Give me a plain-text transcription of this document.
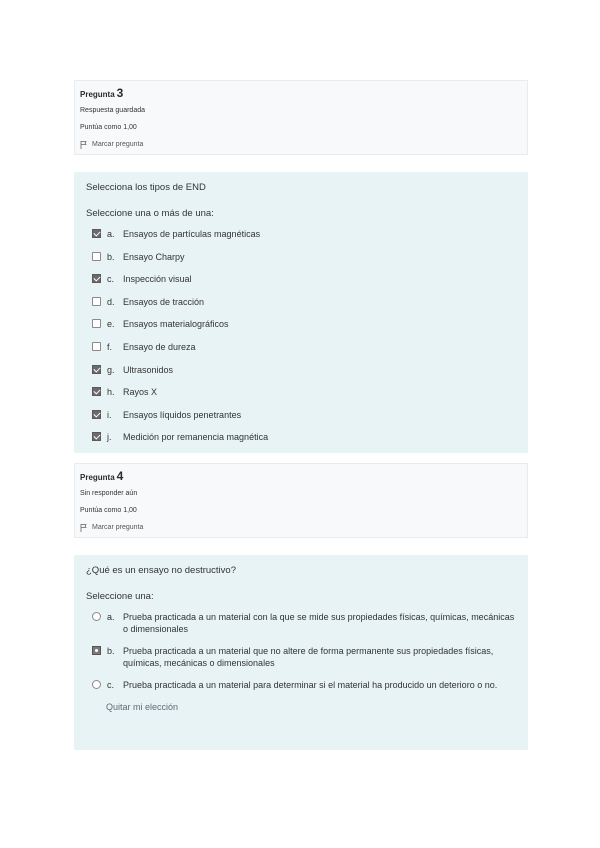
Pregunta 3
Respuesta guardada
Puntúa como 1,00
Marcar pregunta
Selecciona los tipos de END
Seleccione una o más de una:
a. Ensayos de partículas magnéticas
b. Ensayo Charpy
c. Inspección visual
d. Ensayos de tracción
e. Ensayos materialográficos
f.	Ensayo de dureza
g. Ultrasonidos
h. Rayos X
i.	Ensayos líquidos penetrantes
j.	Medición por remanencia magnética
Pregunta 4
Sin responder aún
Puntúa como 1,00
Marcar pregunta
¿Qué es un ensayo no destructivo?
Seleccione una:
a. Prueba practicada a un material con la que se mide sus propiedades físicas, químicas, mecánicas o dimensionales
b. Prueba practicada a un material que no altere de forma permanente sus propiedades físicas, químicas, mecánicas o dimensionales
c. Prueba practicada a un material para determinar si el material ha producido un deterioro o no.
Quitar mi elección
